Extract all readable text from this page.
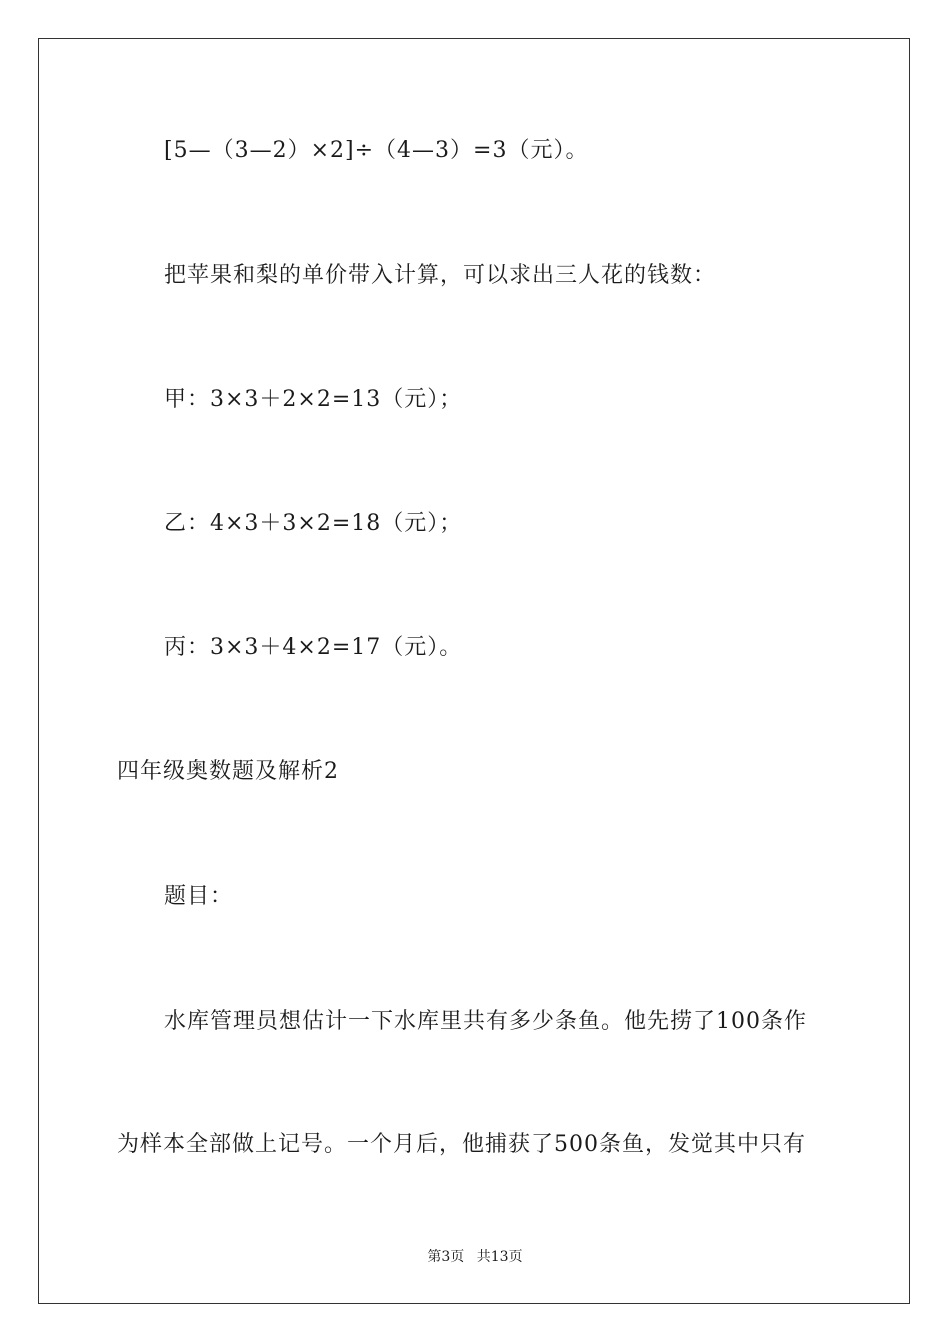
[5—（3—2）×2]÷（4—3）=3（元）。
把苹果和梨的单价带入计算，可以求出三人花的钱数：
甲：3×3＋2×2=13（元）；
乙：4×3＋3×2=18（元）；
丙：3×3＋4×2=17（元）。
四年级奥数题及解析2
题目：
水库管理员想估计一下水库里共有多少条鱼。他先捞了100条作
为样本全部做上记号。一个月后，他捕获了500条鱼，发觉其中只有
第3页 共13页
